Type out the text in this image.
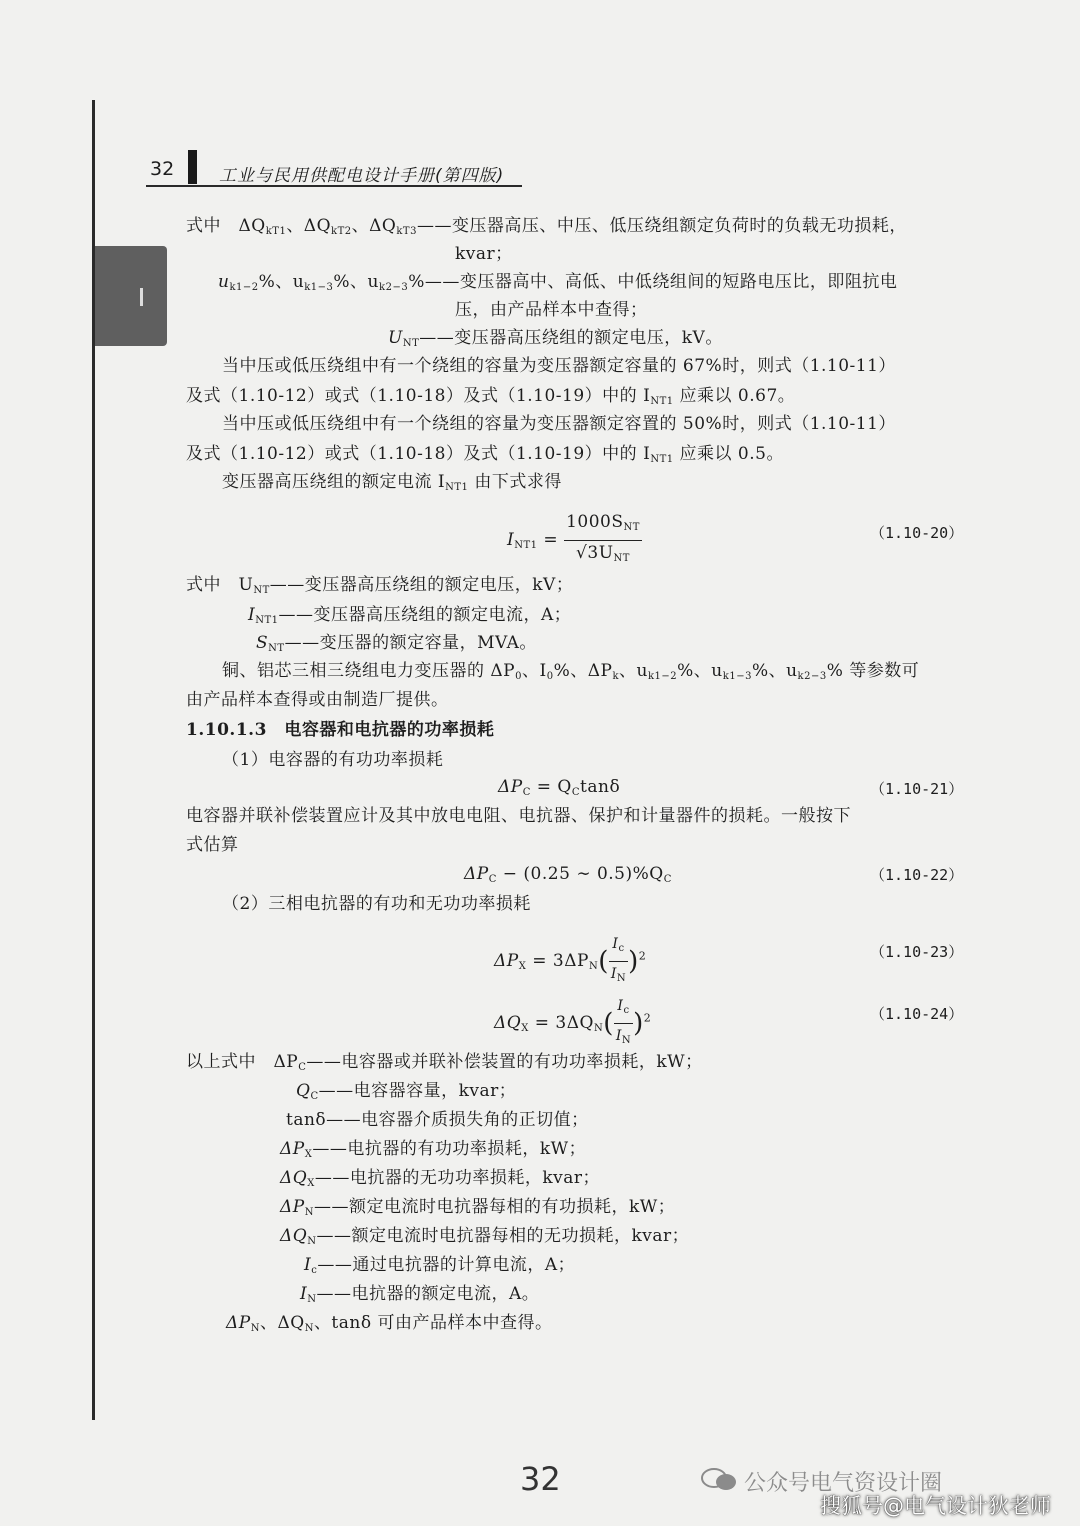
32	工业与民用供配电设计手册(第四版)
式中　$\Delta Q_{kT1}$、$\Delta Q_{kT2}$、$\Delta Q_{kT3}——$变压器高压、中压、低压绕组额定负荷时的负载无功损耗，
kvar；
$u_{k1-2}\%$、$u_{k1-3}\%$、$u_{k2-3}\%——$变压器高中、高低、中低绕组间的短路电压比，即阻抗电
压，由产品样本中查得；
$U_{NT}——$变压器高压绕组的额定电压，kV。
当中压或低压绕组中有一个绕组的容量为变压器额定容量的 67%时，则式（1.10-11）
及式（1.10-12）或式（1.10-18）及式（1.10-19）中的 $I_{NT1}$ 应乘以 0.67。
当中压或低压绕组中有一个绕组的容量为变压器额定容置的 50%时，则式（1.10-11）
及式（1.10-12）或式（1.10-18）及式（1.10-19）中的 $I_{NT1}$ 应乘以 0.5。
变压器高压绕组的额定电流 $I_{NT1}$ 由下式求得
$I_{NT1} = \frac{1000S_{NT}}{√3U_{NT}}$	（1.10-20）
式中　$U_{NT}——$变压器高压绕组的额定电压，kV；
$I_{NT1}——$变压器高压绕组的额定电流，A；
$S_{NT}——$变压器的额定容量，MVA。
铜、铝芯三相三绕组电力变压器的 $\Delta P_0$、$I_0\%$、$\Delta P_k$、$u_{k1-2}\%$、$u_{k1-3}\%$、$u_{k2-3}\%$ 等参数可
由产品样本查得或由制造厂提供。
1.10.1.3　电容器和电抗器的功率损耗
（1）电容器的有功功率损耗
$\Delta P_C = Q_C\tan\delta$	（1.10-21）
电容器并联补偿装置应计及其中放电电阻、电抗器、保护和计量器件的损耗。一般按下
式估算
$\Delta P_C - (0.25$ ∼ $0.5)\%Q_C$	（1.10-22）
（2）三相电抗器的有功和无功功率损耗
$\Delta P_X = 3\Delta P_N( \frac{I_c}{I_N} )^2$	（1.10-23）
$\Delta Q_X = 3\Delta Q_N( \frac{I_c}{I_N} )^2$	（1.10-24）
以上式中　$\Delta P_C——$电容器或并联补偿装置的有功功率损耗，kW；
$Q_C——$电容器容量，kvar；
tanδ——电容器介质损失角的正切值；
$\Delta P_X——$电抗器的有功功率损耗，kW；
$\Delta Q_X——$电抗器的无功功率损耗，kvar；
$\Delta P_N——$额定电流时电抗器每相的有功损耗，kW；
$\Delta Q_N——$额定电流时电抗器每相的无功损耗，kvar；
$I_c——$通过电抗器的计算电流，A；
$I_N——$电抗器的额定电流，A。
$\Delta P_N$、$\Delta Q_N$、tanδ 可由产品样本中查得。
32	公众号电气资设计圈
搜狐号@电气设计狄老师
